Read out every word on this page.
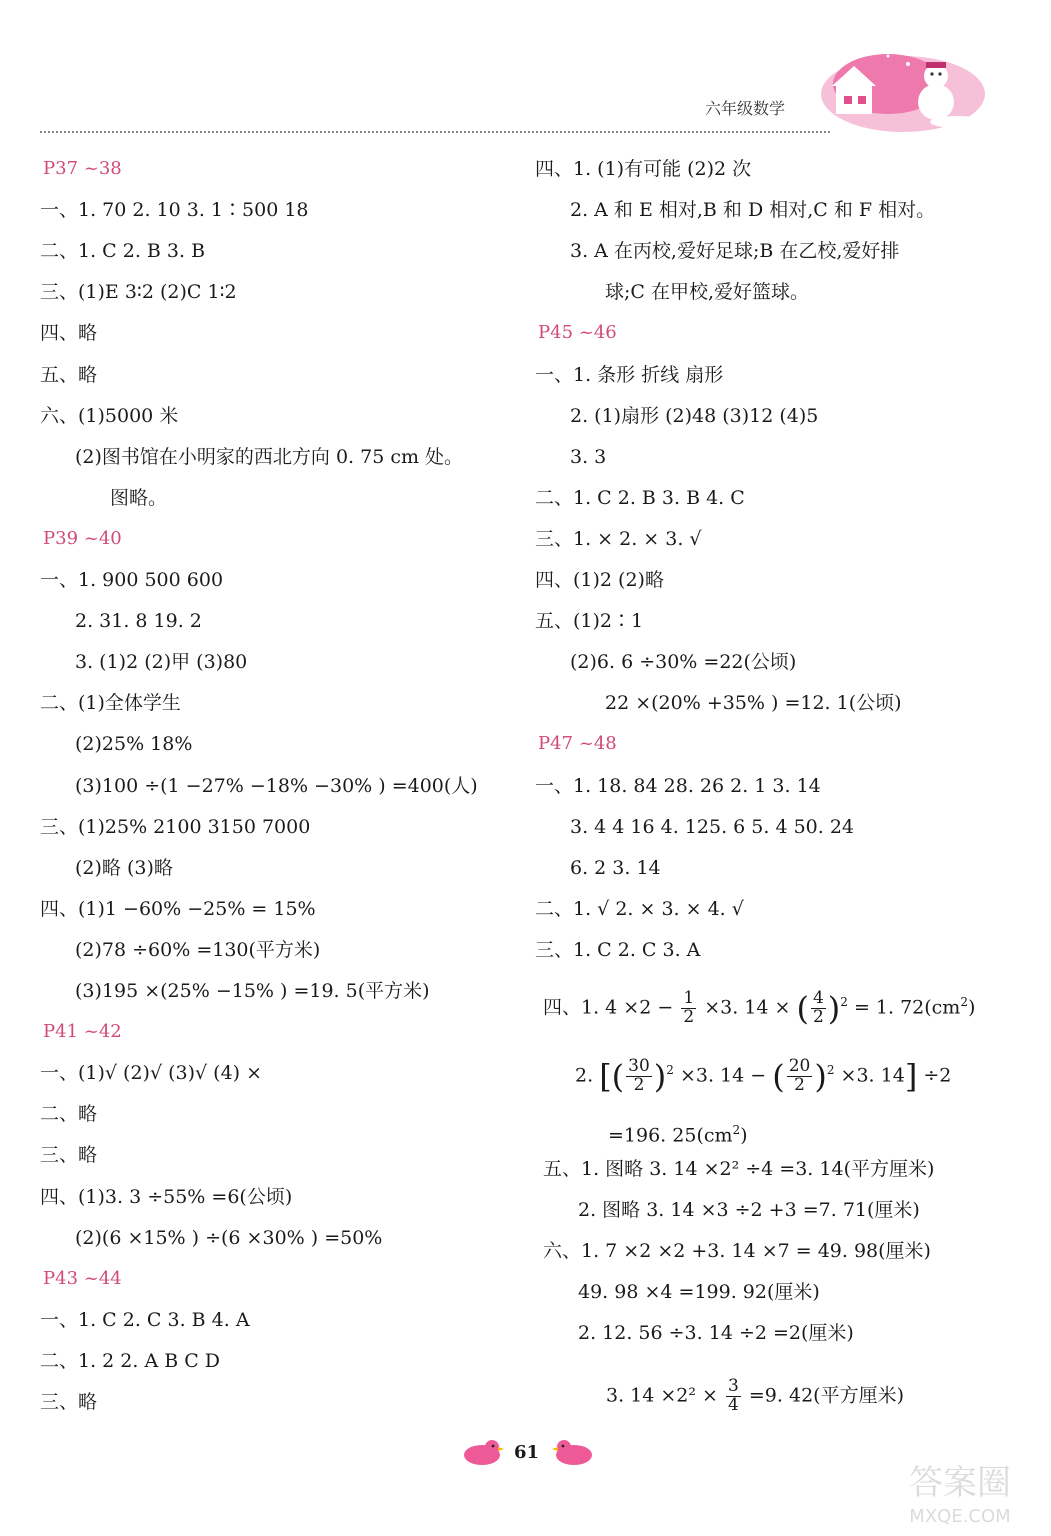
六年级数学
P37 ~38
一、1. 70 2. 10 3. 1∶500 18
二、1. C 2. B 3. B
三、(1)E 3∶2 (2)C 1∶2
四、略
五、略
六、(1)5000 米
(2)图书馆在小明家的西北方向 0. 75 cm 处。
图略。
P39 ~40
一、1. 900 500 600
2. 31. 8 19. 2
3. (1)2 (2)甲 (3)80
二、(1)全体学生
(2)25% 18%
(3)100 ÷(1 −27% −18% −30% ) =400(人)
三、(1)25% 2100 3150 7000
(2)略 (3)略
四、(1)1 −60% −25% = 15%
(2)78 ÷60% =130(平方米)
(3)195 ×(25% −15% ) =19. 5(平方米)
P41 ~42
一、(1)√ (2)√ (3)√ (4) ×
二、略
三、略
四、(1)3. 3 ÷55% =6(公顷)
(2)(6 ×15% ) ÷(6 ×30% ) =50%
P43 ~44
一、1. C 2. C 3. B 4. A
二、1. 2 2. A B C D
三、略
四、1. (1)有可能 (2)2 次
2. A 和 E 相对,B 和 D 相对,C 和 F 相对。
3. A 在丙校,爱好足球;B 在乙校,爱好排
球;C 在甲校,爱好篮球。
P45 ~46
一、1. 条形 折线 扇形
2. (1)扇形 (2)48 (3)12 (4)5
3. 3
二、1. C 2. B 3. B 4. C
三、1. × 2. × 3. √
四、(1)2 (2)略
五、(1)2∶1
(2)6. 6 ÷30% =22(公顷)
22 ×(20% +35% ) =12. 1(公顷)
P47 ~48
一、1. 18. 84 28. 26 2. 1 3. 14
3. 4 4 16 4. 125. 6 5. 4 50. 24
6. 2 3. 14
二、1. √ 2. × 3. × 4. √
三、1. C 2. C 3. A
四、1. $4 \times 2 - \frac{1}{2} \times 3$. 14 × ( $\frac{4}{2} )^2 = 1$. $72(cm^2)$
2. [( $\frac{30}{2} )^2 \times 3$. 14 − ( $\frac{20}{2} )^2 \times 3$. 14] ÷2
=196. $25(cm^2)$
五、1. 图略 3. 14 ×2² ÷4 =3. 14(平方厘米)
2. 图略 3. 14 ×3 ÷2 +3 =7. 71(厘米)
六、1. 7 ×2 ×2 +3. 14 ×7 = 49. 98(厘米)
49. 98 ×4 =199. 92(厘米)
2. 12. 56 ÷3. 14 ÷2 =2(厘米)
3. $14 \times 2^2 \times \frac{3}{4} =9$. 42(平方厘米)
61
答案圈
MXQE.COM
